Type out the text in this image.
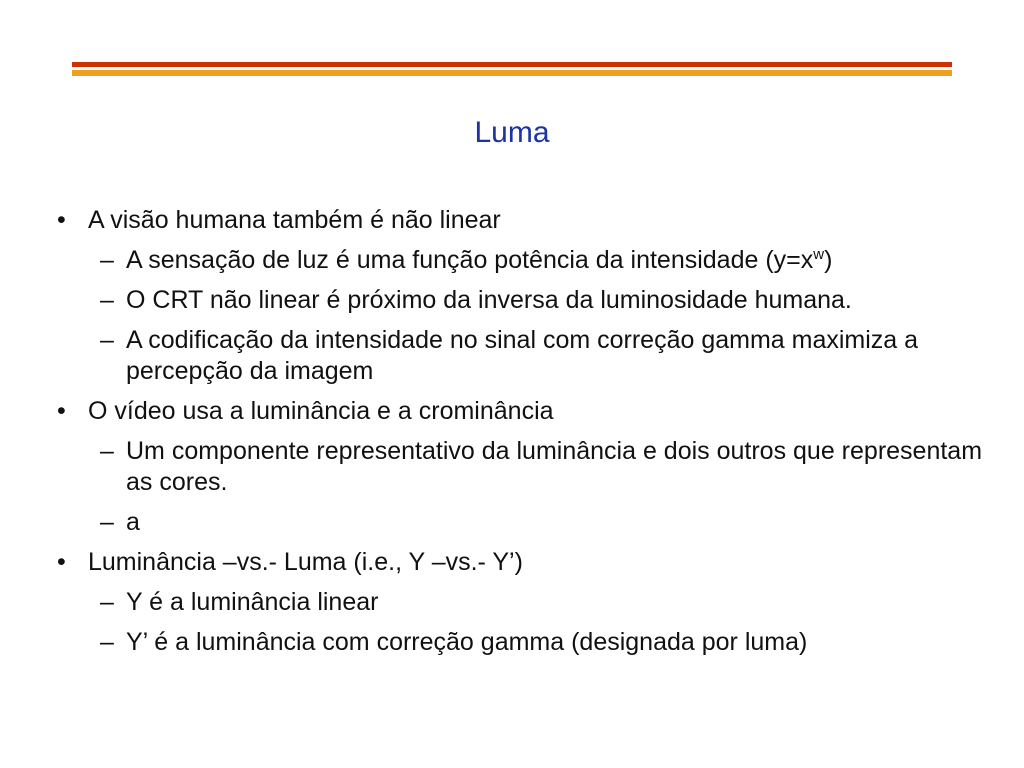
Luma
• A visão humana também é não linear
– A sensação de luz é uma função potência da intensidade $(y=x^w)$
– O CRT não linear é próximo da inversa da luminosidade humana.
– A codificação da intensidade no sinal com correção gamma maximiza a percepção da imagem
• O vídeo usa a luminância e a crominância
– Um componente representativo da luminância e dois outros que representam as cores.
– a
• Luminância –vs.- Luma (i.e., Y –vs.- Y’)
– Y é a luminância linear
– Y’ é a luminância com correção gamma (designada por luma)
